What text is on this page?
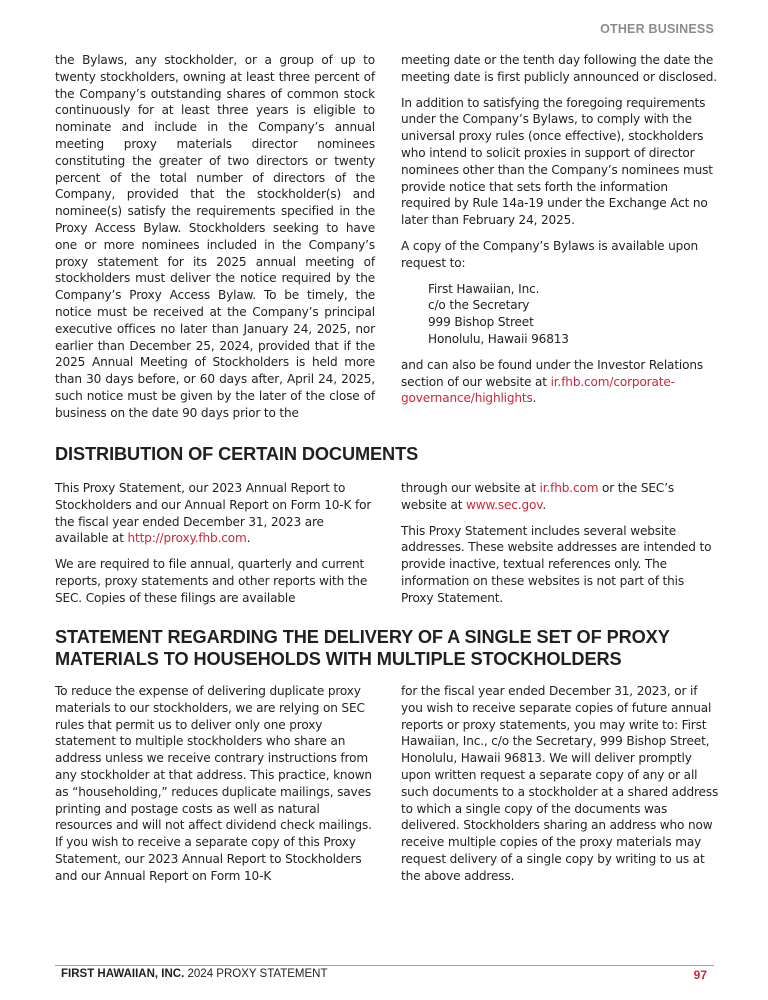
OTHER BUSINESS

the Bylaws, any stockholder, or a group of up to twenty stockholders, owning at least three percent of the Company’s outstanding shares of common stock continuously for at least three years is eligible to nominate and include in the Company’s annual meeting proxy materials director nominees constituting the greater of two directors or twenty percent of the total number of directors of the Company, provided that the stockholder(s) and nominee(s) satisfy the requirements specified in the Proxy Access Bylaw. Stockholders seeking to have one or more nominees included in the Company’s proxy statement for its 2025 annual meeting of stockholders must deliver the notice required by the Company’s Proxy Access Bylaw. To be timely, the notice must be received at the Company’s principal executive offices no later than January 24, 2025, nor earlier than December 25, 2024, provided that if the 2025 Annual Meeting of Stockholders is held more than 30 days before, or 60 days after, April 24, 2025, such notice must be given by the later of the close of business on the date 90 days prior to the

meeting date or the tenth day following the date the meeting date is first publicly announced or disclosed.

In addition to satisfying the foregoing requirements under the Company’s Bylaws, to comply with the universal proxy rules (once effective), stockholders who intend to solicit proxies in support of director nominees other than the Company’s nominees must provide notice that sets forth the information required by Rule 14a-19 under the Exchange Act no later than February 24, 2025.

A copy of the Company’s Bylaws is available upon request to:

First Hawaiian, Inc.
c/o the Secretary
999 Bishop Street
Honolulu, Hawaii 96813

and can also be found under the Investor Relations section of our website at ir.fhb.com/corporate-governance/highlights.

DISTRIBUTION OF CERTAIN DOCUMENTS

This Proxy Statement, our 2023 Annual Report to Stockholders and our Annual Report on Form 10-K for the fiscal year ended December 31, 2023 are available at http://proxy.fhb.com.

We are required to file annual, quarterly and current reports, proxy statements and other reports with the SEC. Copies of these filings are available

through our website at ir.fhb.com or the SEC’s website at www.sec.gov.

This Proxy Statement includes several website addresses. These website addresses are intended to provide inactive, textual references only. The information on these websites is not part of this Proxy Statement.

STATEMENT REGARDING THE DELIVERY OF A SINGLE SET OF PROXY
MATERIALS TO HOUSEHOLDS WITH MULTIPLE STOCKHOLDERS

To reduce the expense of delivering duplicate proxy materials to our stockholders, we are relying on SEC rules that permit us to deliver only one proxy statement to multiple stockholders who share an address unless we receive contrary instructions from any stockholder at that address. This practice, known as “householding,” reduces duplicate mailings, saves printing and postage costs as well as natural resources and will not affect dividend check mailings. If you wish to receive a separate copy of this Proxy Statement, our 2023 Annual Report to Stockholders and our Annual Report on Form 10-K

for the fiscal year ended December 31, 2023, or if you wish to receive separate copies of future annual reports or proxy statements, you may write to: First Hawaiian, Inc., c/o the Secretary, 999 Bishop Street, Honolulu, Hawaii 96813. We will deliver promptly upon written request a separate copy of any or all such documents to a stockholder at a shared address to which a single copy of the documents was delivered. Stockholders sharing an address who now receive multiple copies of the proxy materials may request delivery of a single copy by writing to us at the above address.

FIRST HAWAIIAN, INC. 2024 PROXY STATEMENT	97
